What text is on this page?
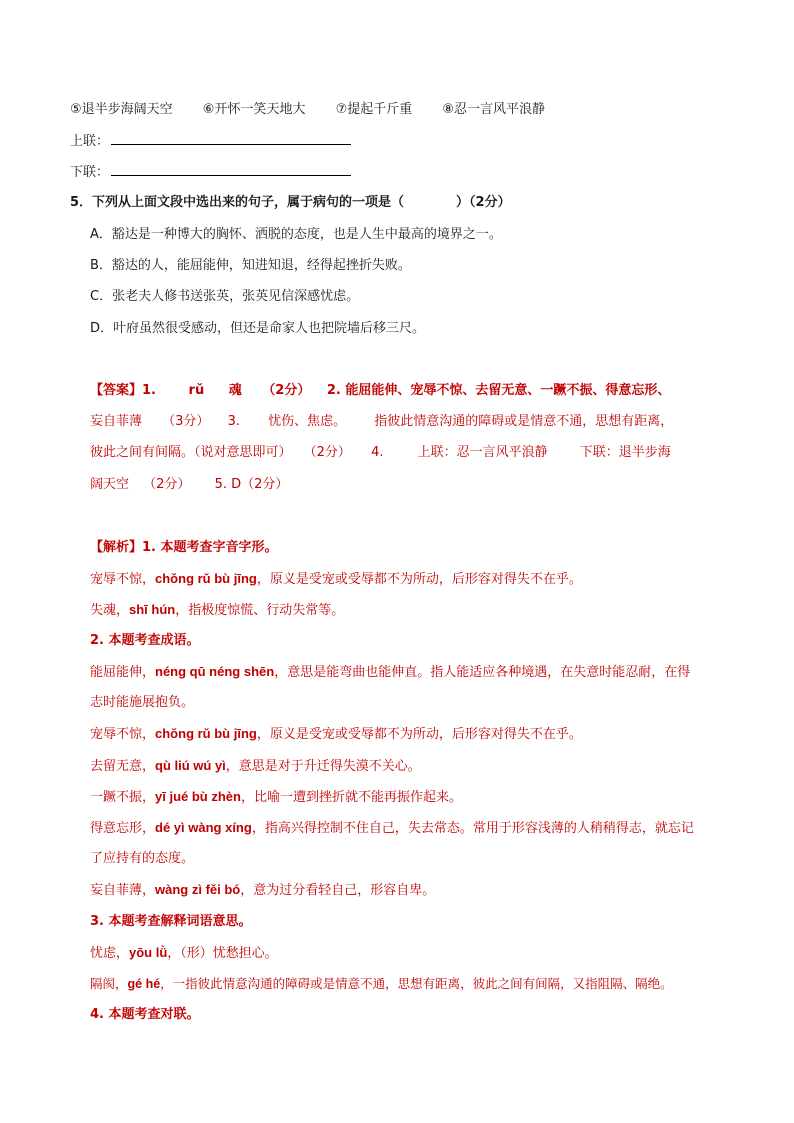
⑤退半步海阔天空 ⑥开怀一笑天地大 ⑦提起千斤重 ⑧忍一言风平浪静
上联：
下联：
5．下列从上面文段中选出来的句子，属于病句的一项是（　　　　）（2分）
A．豁达是一种博大的胸怀、洒脱的态度，也是人生中最高的境界之一。
B．豁达的人，能屈能伸，知进知退，经得起挫折失败。
C．张老夫人修书送张英，张英见信深感忧虑。
D．叶府虽然很受感动，但还是命家人也把院墙后移三尺。
【答案】1.	rǔ 魂 （2分） 2. 能屈能伸、宠辱不惊、去留无意、一蹶不振、得意忘形、
妄自菲薄 （3分） 3. 忧伤、焦虑。 指彼此情意沟通的障碍或是情意不通，思想有距离，
彼此之间有间隔。（说对意思即可） （2分） 4.	上联：忍一言风平浪静 下联：退半步海
阔天空 （2分） 5. D（2分）
【解析】1. 本题考查字音字形。
宠辱不惊，chǒng rǔ bù jīng，原义是受宠或受辱都不为所动，后形容对得失不在乎。
失魂，shī hún，指极度惊慌、行动失常等。
2. 本题考查成语。
能屈能伸，néng qū néng shēn，意思是能弯曲也能伸直。指人能适应各种境遇，在失意时能忍耐，在得
志时能施展抱负。
宠辱不惊，chǒng rǔ bù jīng，原义是受宠或受辱都不为所动，后形容对得失不在乎。
去留无意，qù liú wú yì，意思是对于升迁得失漠不关心。
一蹶不振，yī jué bù zhèn，比喻一遭到挫折就不能再振作起来。
得意忘形，dé yì wàng xíng，指高兴得控制不住自己，失去常态。常用于形容浅薄的人稍稍得志，就忘记
了应持有的态度。
妄自菲薄，wàng zì fěi bó，意为过分看轻自己，形容自卑。
3. 本题考查解释词语意思。
忧虑，yōu lǜ，（形）忧愁担心。
隔阂，gé hé，一指彼此情意沟通的障碍或是情意不通，思想有距离，彼此之间有间隔，又指阻隔、隔绝。
4. 本题考查对联。
